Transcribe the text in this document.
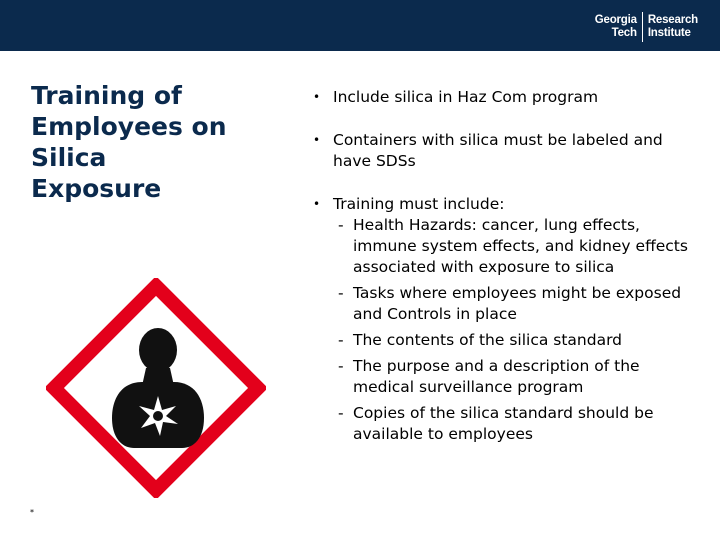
Georgia
Tech
Research
Institute
Training of
Employees on
Silica
Exposure
• Include silica in Haz Com program
• Containers with silica must be labeled and have SDSs
• Training must include:
- Health Hazards: cancer, lung effects, immune system effects, and kidney effects associated with exposure to silica
- Tasks where employees might be exposed and Controls in place
- The contents of the silica standard
- The purpose and a description of the medical surveillance program
- Copies of the silica standard should be available to employees
*
